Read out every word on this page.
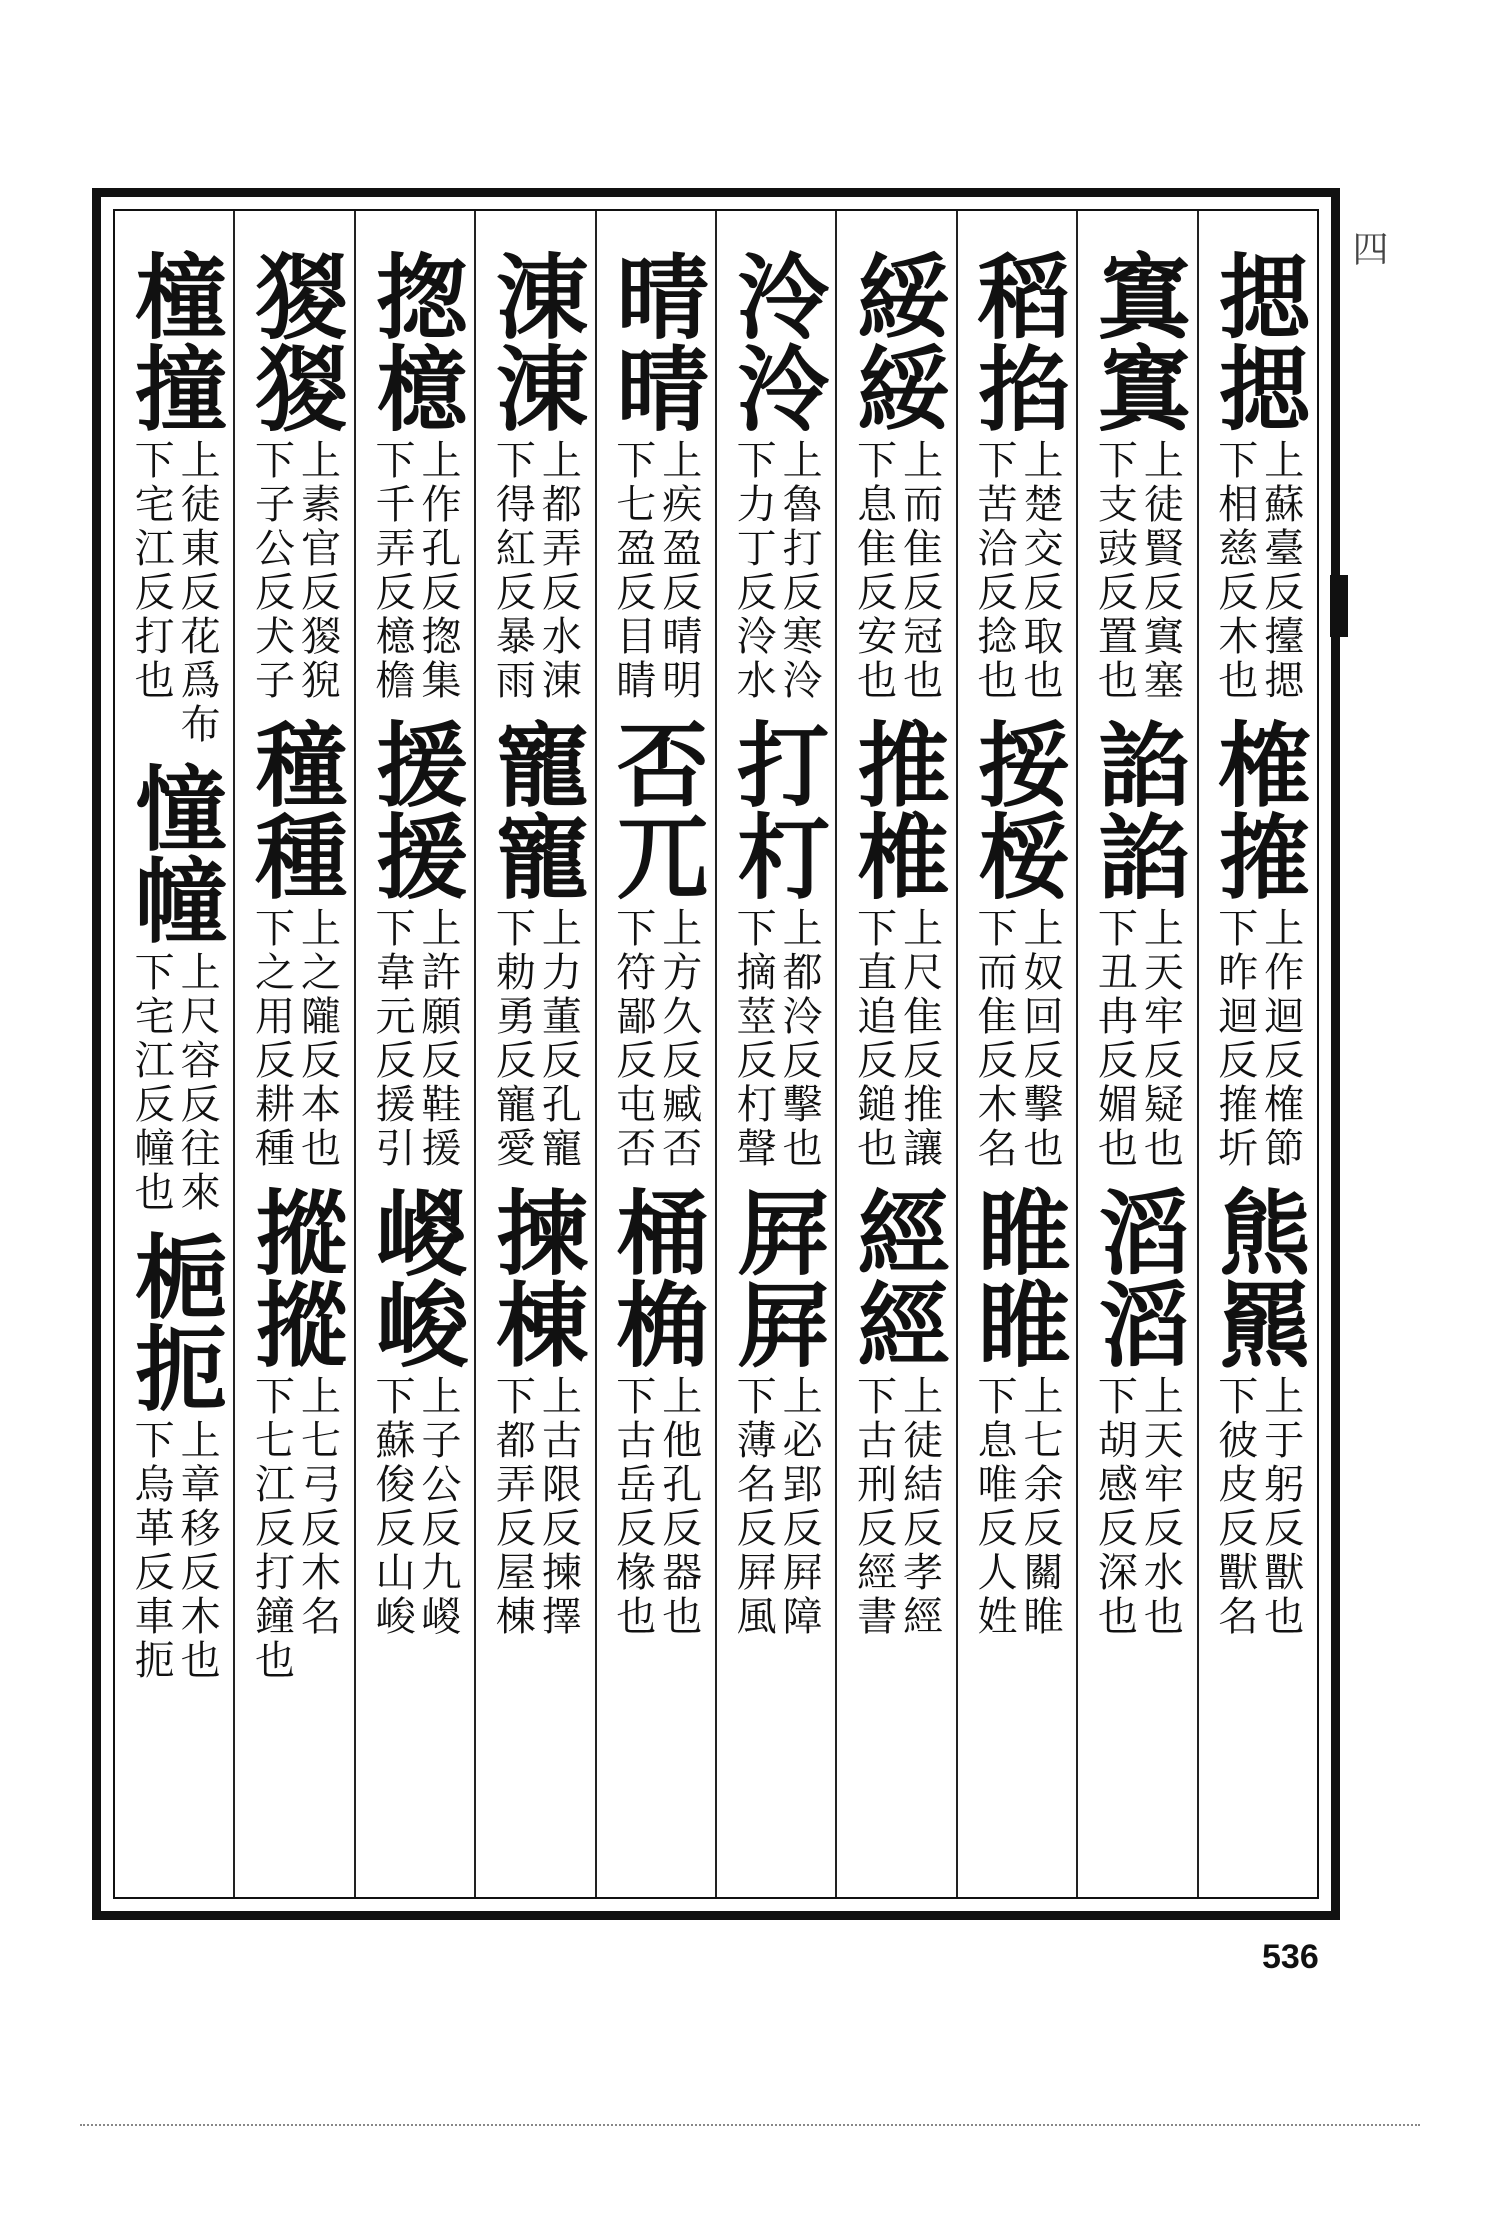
揌揌
上蘇臺反擡揌
下相慈反木也
榷搉
上作迴反榷節
下昨迴反搉圻
熊羆
上于躬反獸也
下彼皮反獸名
窴窴
上徒賢反窴塞
下支豉反置也
諂諂
上天牢反疑也
下丑冉反媚也
滔滔
上天牢反水也
下胡感反深也
稻掐
上楚交反取也
下苦洽反捻也
挼桵
上奴回反擊也
下而隹反木名
睢睢
上七余反關睢
下息唯反人姓
綏綏
上而隹反冠也
下息隹反安也
推椎
上尺隹反推讓
下直追反鎚也
經經
上徒結反孝經
下古刑反經書
泠泠
上魯打反寒泠
下力丁反泠水
打朾
上都泠反擊也
下摘莖反朾聲
屛屛
上必郢反屛障
下薄名反屛風
晴晴
上疾盈反晴明
下七盈反目睛
否兀
上方久反臧否
下符鄙反屯否
桶桷
上他孔反器也
下古岳反椽也
涷涷
上都弄反水涷
下得紅反暴雨
寵寵
上力董反孔寵
下勅勇反寵愛
揀棟
上古限反揀擇
下都弄反屋棟
揔檍
上作孔反揔集
下千弄反檍檐
援援
上許願反鞋援
下韋元反援引
嵕峻
上子公反九嵕
下蘇俊反山峻
猣猣
上素官反猣猊
下子公反犬子
穜種
上之隴反本也
下之用反耕種
摐摐
上七弓反木名
下七江反打鐘也
橦撞
上徒東反花爲布
下宅江反打也
憧幢
上尺容反往來
下宅江反幢也
梔扼
上章移反木也
下烏革反車扼
四
536
